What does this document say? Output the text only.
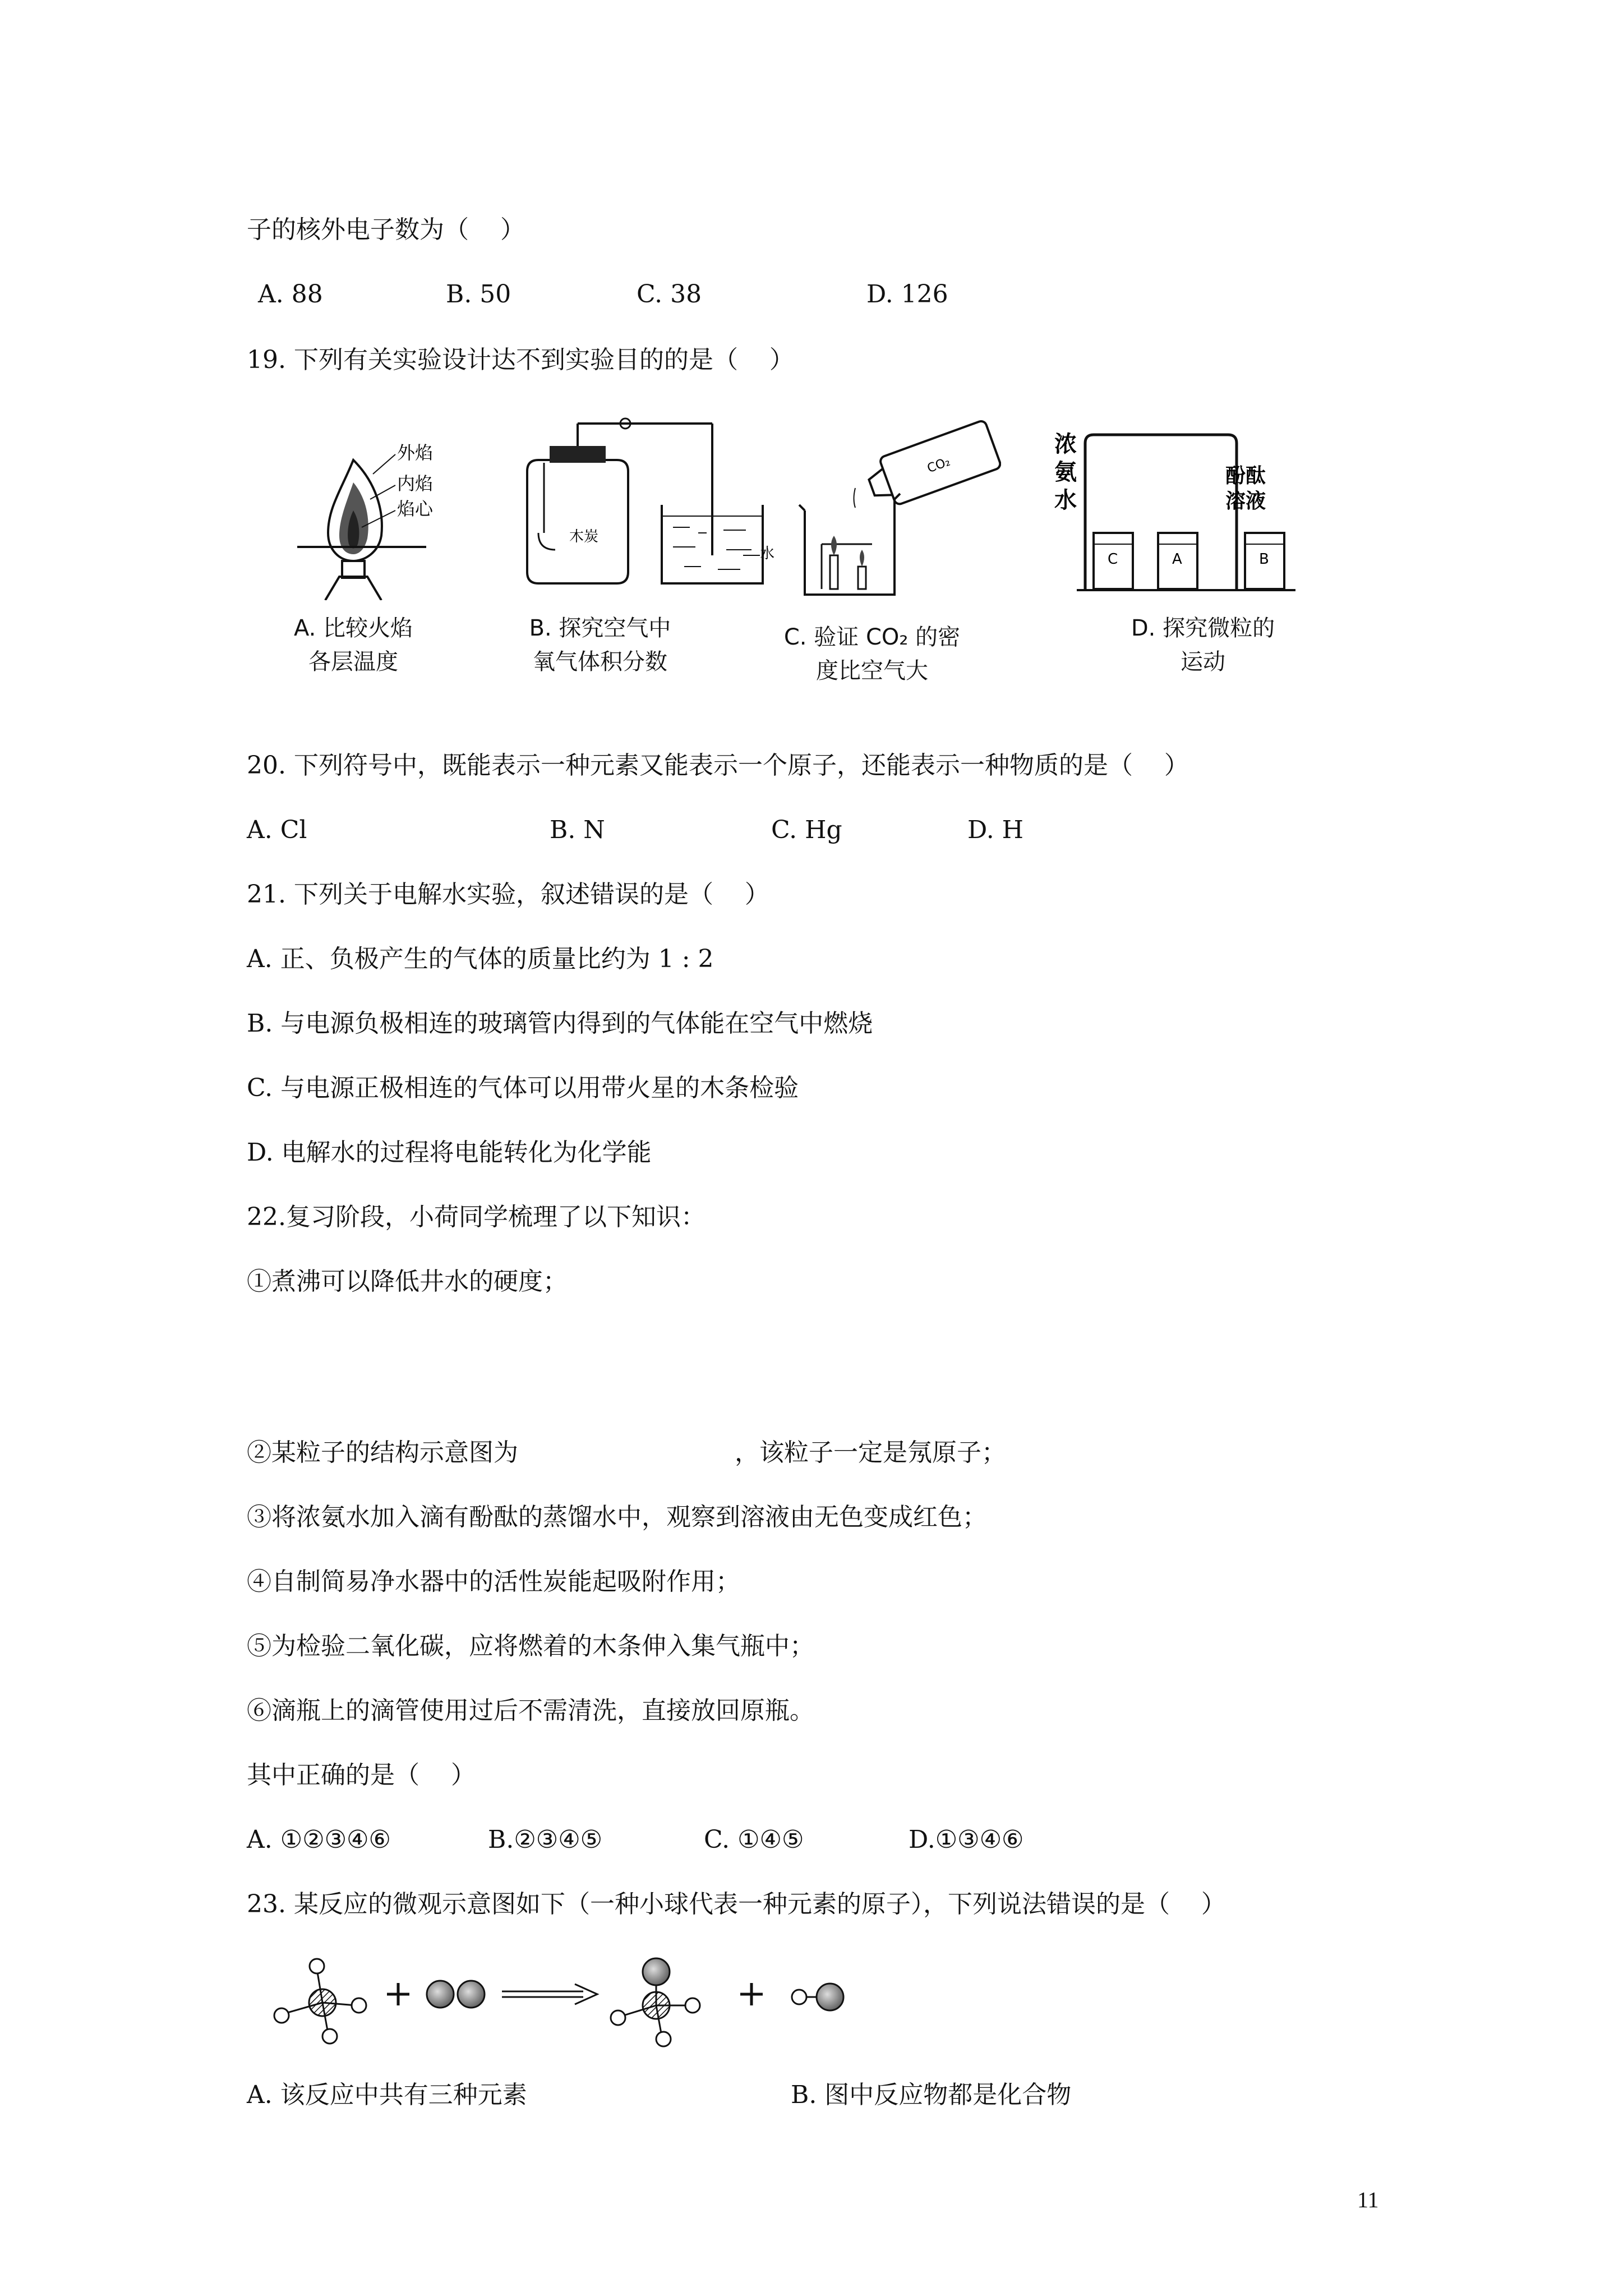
子的核外电子数为（    ）
A. 88	B. 50	C. 38	D. 126
19. 下列有关实验设计达不到实验目的的是（    ）
外焰
内焰
焰心
A. 比较火焰
各层温度
木炭
水
B. 探究空气中
氧气体积分数
CO₂
C. 验证 CO₂ 的密
度比空气大
浓
氨
水
酚酞
溶液
C	A	B
D. 探究微粒的
运动
20. 下列符号中，既能表示一种元素又能表示一个原子，还能表示一种物质的是（    ）
A. Cl	B. N	C. Hg	D. H
21. 下列关于电解水实验，叙述错误的是（    ）
A. 正、负极产生的气体的质量比约为 1 : 2
B. 与电源负极相连的玻璃管内得到的气体能在空气中燃烧
C. 与电源正极相连的气体可以用带火星的木条检验
D. 电解水的过程将电能转化为化学能
22.复习阶段，小荷同学梳理了以下知识：
①煮沸可以降低井水的硬度；
②某粒子的结构示意图为	，该粒子一定是氖原子；
③将浓氨水加入滴有酚酞的蒸馏水中，观察到溶液由无色变成红色；
④自制简易净水器中的活性炭能起吸附作用；
⑤为检验二氧化碳，应将燃着的木条伸入集气瓶中；
⑥滴瓶上的滴管使用过后不需清洗，直接放回原瓶。
其中正确的是（    ）
A. ①②③④⑥	B.②③④⑤	C. ①④⑤	D.①③④⑥
23. 某反应的微观示意图如下（一种小球代表一种元素的原子），下列说法错误的是（    ）
A. 该反应中共有三种元素	B. 图中反应物都是化合物
11
